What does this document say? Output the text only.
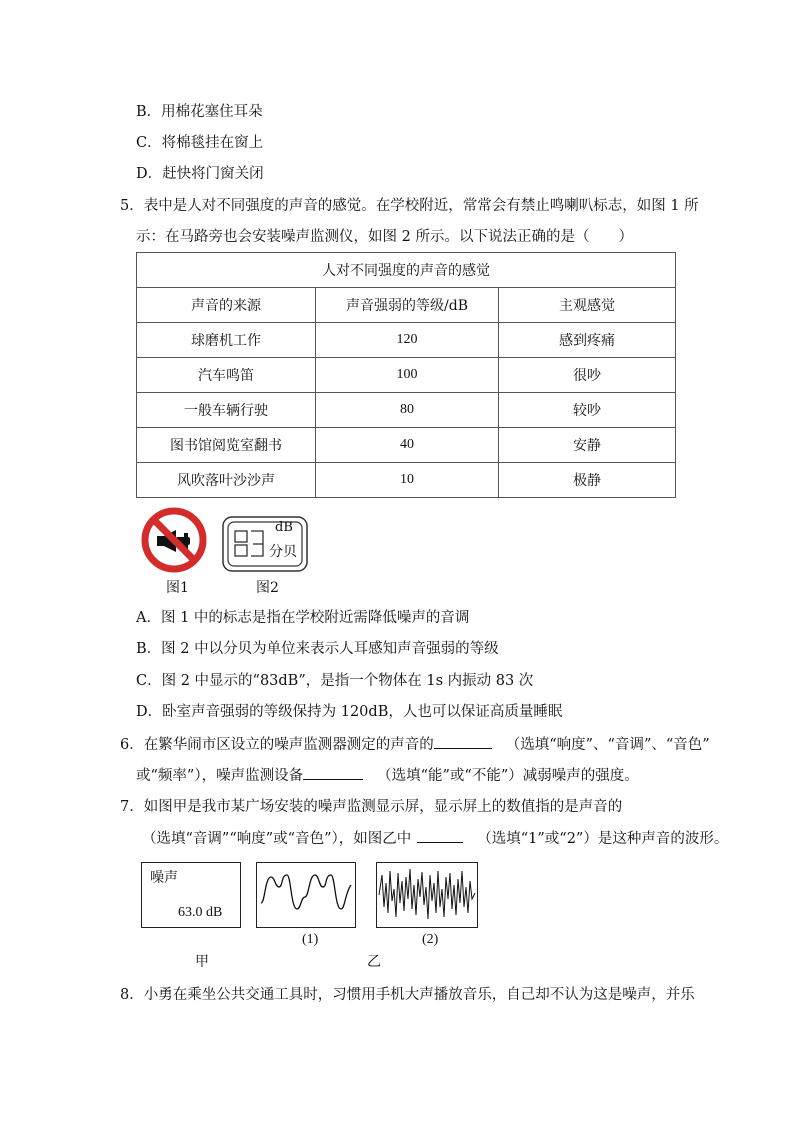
B．用棉花塞住耳朵
C．将棉毯挂在窗上
D．赶快将门窗关闭
5．表中是人对不同强度的声音的感觉。在学校附近，常常会有禁止鸣喇叭标志，如图 1 所
示：在马路旁也会安装噪声监测仪，如图 2 所示。以下说法正确的是（　　）
人对不同强度的声音的感觉		
声音的来源	声音强弱的等级/dB	主观感觉
球磨机工作	120	感到疼痛
汽车鸣笛	100	很吵
一般车辆行驶	80	较吵
图书馆阅览室翻书	40	安静
风吹落叶沙沙声	10	极静
图1
dB
分贝
图2
A．图 1 中的标志是指在学校附近需降低噪声的音调
B．图 2 中以分贝为单位来表示人耳感知声音强弱的等级
C．图 2 中显示的“83dB”，是指一个物体在 1s 内振动 83 次
D．卧室声音强弱的等级保持为 120dB，人也可以保证高质量睡眠
6．在繁华闹市区设立的噪声监测器测定的声音的	（选填“响度”、“音调”、“音色”
或“频率”），噪声监测设备	（选填“能”或“不能”）减弱噪声的强度。
7．如图甲是我市某广场安装的噪声监测显示屏，显示屏上的数值指的是声音的
（选填“音调”“响度”或“音色”），如图乙中	（选填“1”或“2”）是这种声音的波形。
噪声
63.0 dB
甲
(1)	(2)
乙
8．小勇在乘坐公共交通工具时，习惯用手机大声播放音乐，自己却不认为这是噪声，并乐
